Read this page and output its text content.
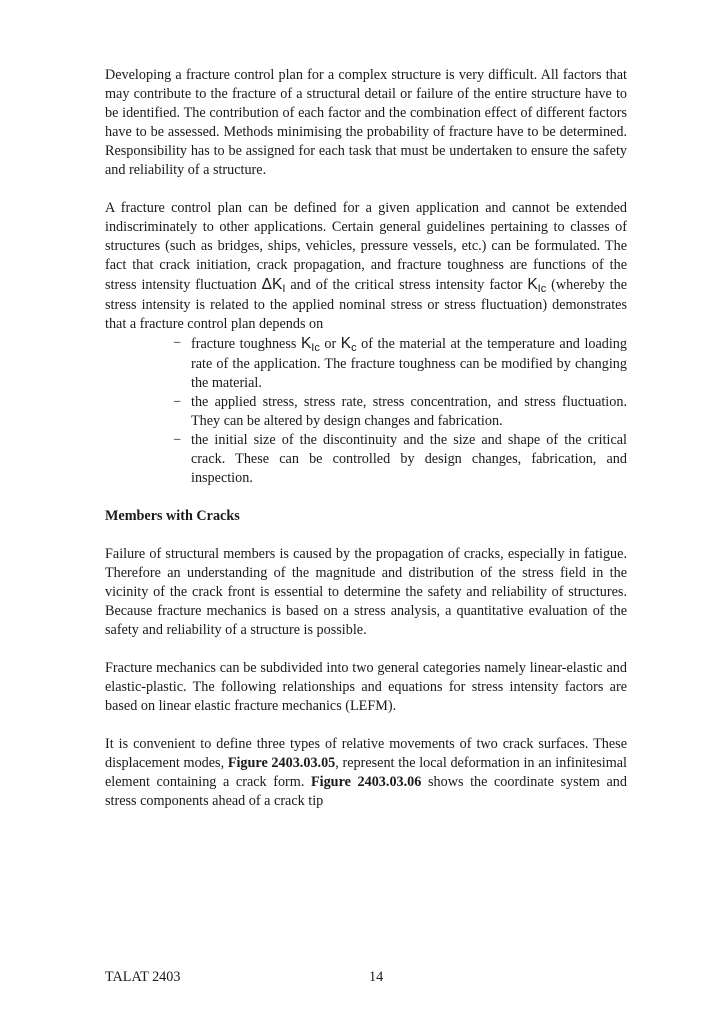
Developing a fracture control plan for a complex structure is very difficult. All factors that may contribute to the fracture of a structural detail or failure of the entire structure have to be identified. The contribution of each factor and the combination effect of different factors have to be assessed. Methods minimising the probability of fracture have to be determined. Responsibility has to be assigned for each task that must be undertaken to ensure the safety and reliability of a structure.

A fracture control plan can be defined for a given application and cannot be extended indiscriminately to other applications. Certain general guidelines pertaining to classes of structures (such as bridges, ships, vehicles, pressure vessels, etc.) can be formulated. The fact that crack initiation, crack propagation, and fracture toughness are functions of the stress intensity fluctuation $\Delta K_I$ and of the critical stress intensity factor $K_{Ic}$ (whereby the stress intensity is related to the applied nominal stress or stress fluctuation) demonstrates that a fracture control plan depends on

− fracture toughness $K_{Ic}$ or $K_c$ of the material at the temperature and loading rate of the application. The fracture toughness can be modified by changing the material.
− the applied stress, stress rate, stress concentration, and stress fluctuation. They can be altered by design changes and fabrication.
− the initial size of the discontinuity and the size and shape of the critical crack. These can be controlled by design changes, fabrication, and inspection.
Members with Cracks

Failure of structural members is caused by the propagation of cracks, especially in fatigue. Therefore an understanding of the magnitude and distribution of the stress field in the vicinity of the crack front is essential to determine the safety and reliability of structures. Because fracture mechanics is based on a stress analysis, a quantitative evaluation of the safety and reliability of a structure is possible.

Fracture mechanics can be subdivided into two general categories namely linear-elastic and elastic-plastic. The following relationships and equations for stress intensity factors are based on linear elastic fracture mechanics (LEFM).

It is convenient to define three types of relative movements of two crack surfaces. These displacement modes, Figure 2403.03.05, represent the local deformation in an infinitesimal element containing a crack form. Figure 2403.03.06 shows the coordinate system and stress components ahead of a crack tip

TALAT 2403	14
